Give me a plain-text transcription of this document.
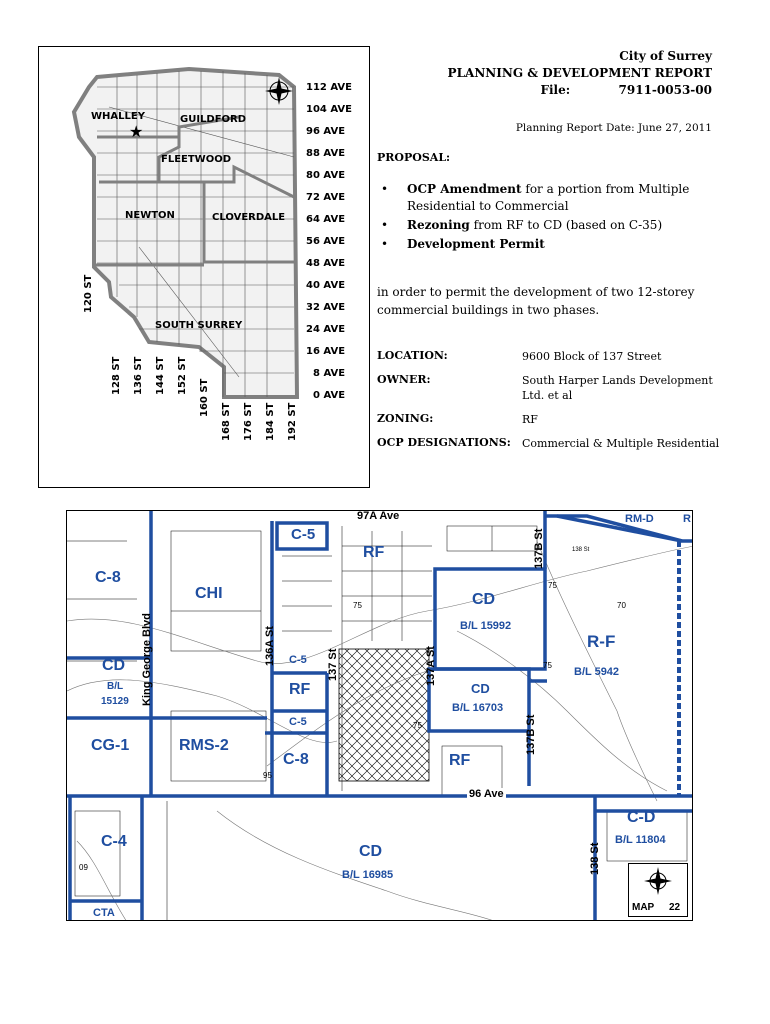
★
WHALLEY	GUILDFORD
FLEETWOOD
NEWTON	CLOVERDALE
SOUTH SURREY
112 AVE
104 AVE
96 AVE
88 AVE
80 AVE
72 AVE
64 AVE
56 AVE
48 AVE
40 AVE
32 AVE
24 AVE
16 AVE
8 AVE
0 AVE
120 ST
128 ST 136 ST 144 ST 152 ST
160 ST
168 ST 176 ST 184 ST 192 ST
City of Surrey
PLANNING & DEVELOPMENT REPORT
File:	7911-0053-00
Planning Report Date: June 27, 2011
PROPOSAL:
• OCP Amendment for a portion from Multiple Residential to Commercial
• Rezoning from RF to CD (based on C-35)
• Development Permit
in order to permit the development of two 12-storey commercial buildings in two phases.
LOCATION:	9600 Block of 137 Street
OWNER:	South Harper Lands Development Ltd. et al
ZONING:	RF
OCP DESIGNATIONS:	Commercial & Multiple Residential
97A Ave
96 Ave
137B St
137B St
137A St
137 St
136A St
King George Blvd
138 St
138 St
C-8
CHI
C-5
RF
CD
B/L 15992
R-F
B/L 5942
CD
B/L
15129
C-5
RF	CD
B/L 16703
C-5
CG-1	RMS-2
C-8	RF
C-4
CD
B/L 16985
C-D
B/L 11804
CTA
RM-D	R
75
75
70
75
75
95
09
MAP 22
